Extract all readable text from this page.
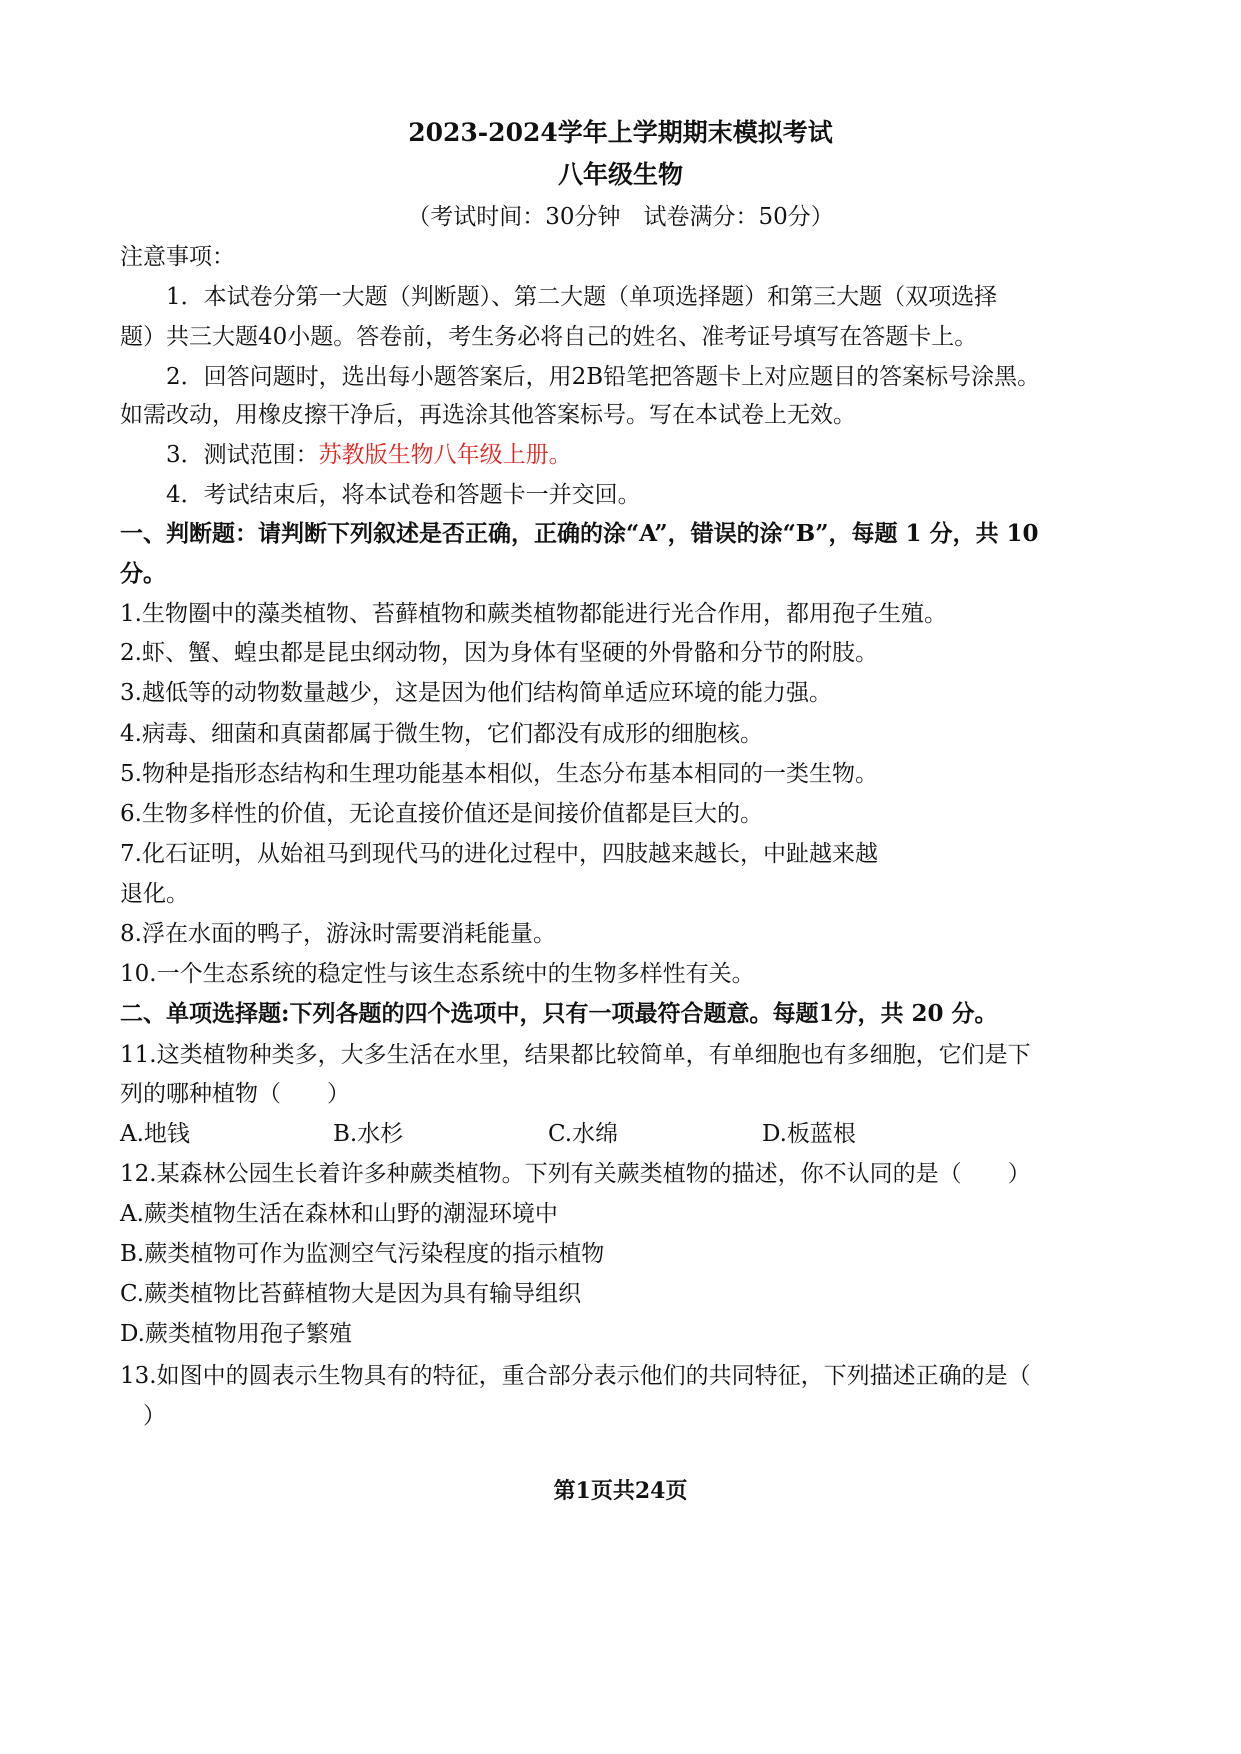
2023-2024学年上学期期末模拟考试
八年级生物
（考试时间：30分钟　试卷满分：50分）
注意事项：
1．本试卷分第一大题（判断题）、第二大题（单项选择题）和第三大题（双项选择
题）共三大题40小题。答卷前，考生务必将自己的姓名、准考证号填写在答题卡上。
2．回答问题时，选出每小题答案后，用2B铅笔把答题卡上对应题目的答案标号涂黑。
如需改动，用橡皮擦干净后，再选涂其他答案标号。写在本试卷上无效。
3．测试范围：苏教版生物八年级上册。
4．考试结束后，将本试卷和答题卡一并交回。
一、判断题：请判断下列叙述是否正确，正确的涂“A”，错误的涂“B”，每题 1 分，共 10
分。
1.生物圈中的藻类植物、苔藓植物和蕨类植物都能进行光合作用，都用孢子生殖。
2.虾、蟹、蝗虫都是昆虫纲动物，因为身体有坚硬的外骨骼和分节的附肢。
3.越低等的动物数量越少，这是因为他们结构简单适应环境的能力强。
4.病毒、细菌和真菌都属于微生物，它们都没有成形的细胞核。
5.物种是指形态结构和生理功能基本相似，生态分布基本相同的一类生物。
6.生物多样性的价值，无论直接价值还是间接价值都是巨大的。
7.化石证明，从始祖马到现代马的进化过程中，四肢越来越长，中趾越来越
退化。
8.浮在水面的鸭子，游泳时需要消耗能量。
10.一个生态系统的稳定性与该生态系统中的生物多样性有关。
二、单项选择题:下列各题的四个选项中，只有一项最符合题意。每题1分，共 20 分。
11.这类植物种类多，大多生活在水里，结果都比较简单，有单细胞也有多细胞，它们是下
列的哪种植物（　　）
A.地钱	B.水杉	C.水绵	D.板蓝根
12.某森林公园生长着许多种蕨类植物。下列有关蕨类植物的描述，你不认同的是（　　）
A.蕨类植物生活在森林和山野的潮湿环境中
B.蕨类植物可作为监测空气污染程度的指示植物
C.蕨类植物比苔藓植物大是因为具有输导组织
D.蕨类植物用孢子繁殖
13.如图中的圆表示生物具有的特征，重合部分表示他们的共同特征，下列描述正确的是（
）
第1页共24页
